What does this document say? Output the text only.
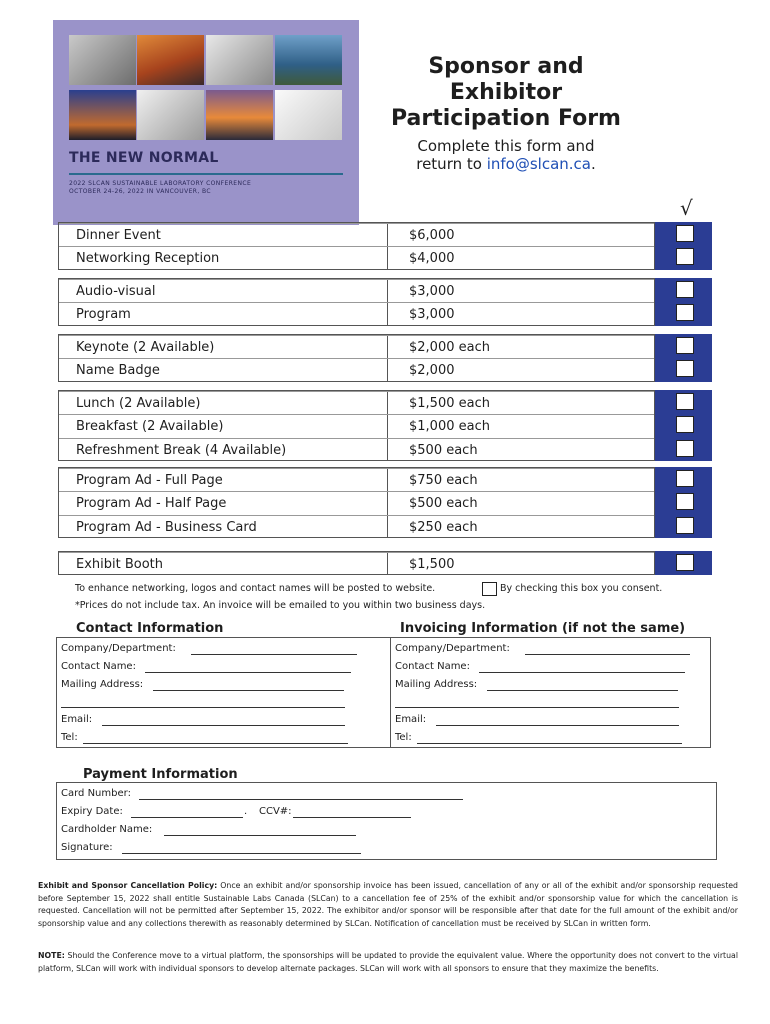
THE NEW NORMAL
2022 SLCAN SUSTAINABLE LABORATORY CONFERENCE
OCTOBER 24-26, 2022 IN VANCOUVER, BC
Sponsor and
Exhibitor
Participation Form
Complete this form and
return to info@slcan.ca.
√
Dinner Event	$6,000
Networking Reception	$4,000
Audio-visual	$3,000
Program	$3,000
Keynote (2 Available)	$2,000 each
Name Badge	$2,000
Lunch (2 Available)	$1,500 each
Breakfast (2 Available)	$1,000 each
Refreshment Break (4 Available)	$500 each
Program Ad - Full Page	$750 each
Program Ad - Half Page	$500 each
Program Ad - Business Card	$250 each
Exhibit Booth	$1,500
To enhance networking, logos and contact names will be posted to website.	By checking this box you consent.
*Prices do not include tax. An invoice will be emailed to you within two business days.
Contact Information	Invoicing Information (if not the same)
Company/Department:
Contact Name:
Mailing Address:
Email:
Tel:
Company/Department:
Contact Name:
Mailing Address:
Email:
Tel:
Payment Information
Card Number:
Expiry Date:	. CCV#:
Cardholder Name:
Signature:
Exhibit and Sponsor Cancellation Policy: Once an exhibit and/or sponsorship invoice has been issued, cancellation of any or all of the exhibit and/or sponsorship requested before September 15, 2022 shall entitle Sustainable Labs Canada (SLCan) to a cancellation fee of 25% of the exhibit and/or sponsorship value for which the cancellation is requested. Cancellation will not be permitted after September 15, 2022. The exhibitor and/or sponsor will be responsible after that date for the full amount of the exhibit and/or sponsorship value and any collections therewith as reasonably determined by SLCan. Notification of cancellation must be received by SLCan in written form.
NOTE: Should the Conference move to a virtual platform, the sponsorships will be updated to provide the equivalent value. Where the opportunity does not convert to the virtual platform, SLCan will work with individual sponsors to develop alternate packages. SLCan will work with all sponsors to ensure that they maximize the benefits.
